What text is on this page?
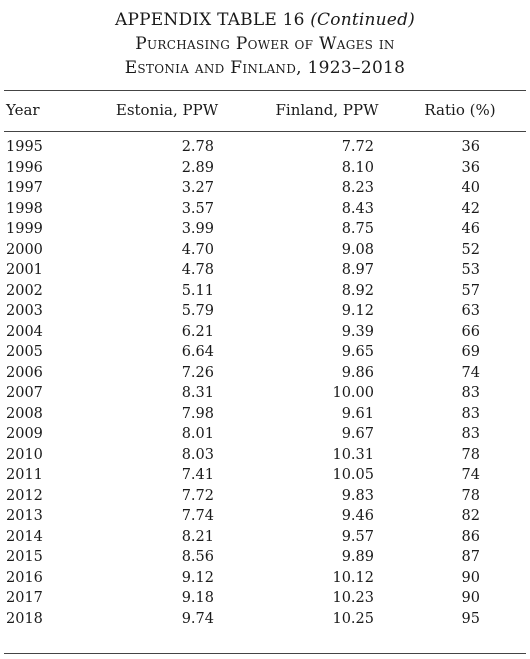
APPENDIX TABLE 16 (Continued)
Purchasing Power of Wages in
Estonia and Finland, 1923–2018
Year	Estonia, PPW	Finland, PPW	Ratio (%)
1995	2.78	7.72	36
1996	2.89	8.10	36
1997	3.27	8.23	40
1998	3.57	8.43	42
1999	3.99	8.75	46
2000	4.70	9.08	52
2001	4.78	8.97	53
2002	5.11	8.92	57
2003	5.79	9.12	63
2004	6.21	9.39	66
2005	6.64	9.65	69
2006	7.26	9.86	74
2007	8.31	10.00	83
2008	7.98	9.61	83
2009	8.01	9.67	83
2010	8.03	10.31	78
2011	7.41	10.05	74
2012	7.72	9.83	78
2013	7.74	9.46	82
2014	8.21	9.57	86
2015	8.56	9.89	87
2016	9.12	10.12	90
2017	9.18	10.23	90
2018	9.74	10.25	95
